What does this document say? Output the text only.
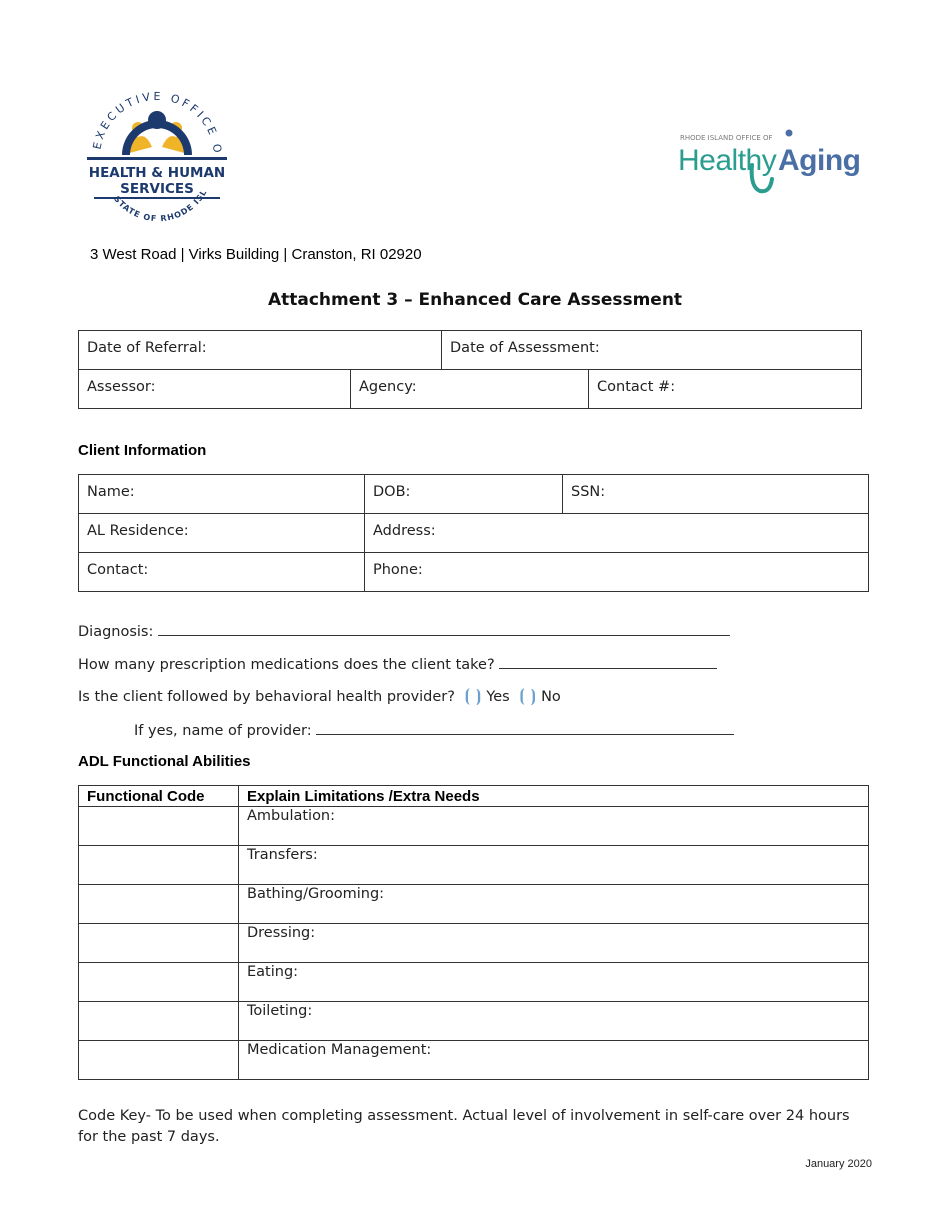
EXECUTIVE OFFICE O
HEALTH & HUMAN
SERVICES
STATE OF RHODE ISL
RHODE ISLAND OFFICE OF
Healthy Aging
3 West Road | Virks Building | Cranston, RI 02920
Attachment 3 – Enhanced Care Assessment
Date of Referral:		Date of Assessment:	
Assessor:	Agency:		Contact #:
Client Information
Name:	DOB:	SSN:
AL Residence:	Address:	
Contact:	Phone:	
Diagnosis:
How many prescription medications does the client take?
Is the client followed by behavioral health provider? ⦗ ⦘ Yes ⦗ ⦘ No
If yes, name of provider:
ADL Functional Abilities
Functional Code	Explain Limitations /Extra Needs
	Ambulation:
	Transfers:
	Bathing/Grooming:
	Dressing:
	Eating:
	Toileting:
	Medication Management:
Code Key- To be used when completing assessment. Actual level of involvement in self-care over 24 hours for the past 7 days.
January 2020
